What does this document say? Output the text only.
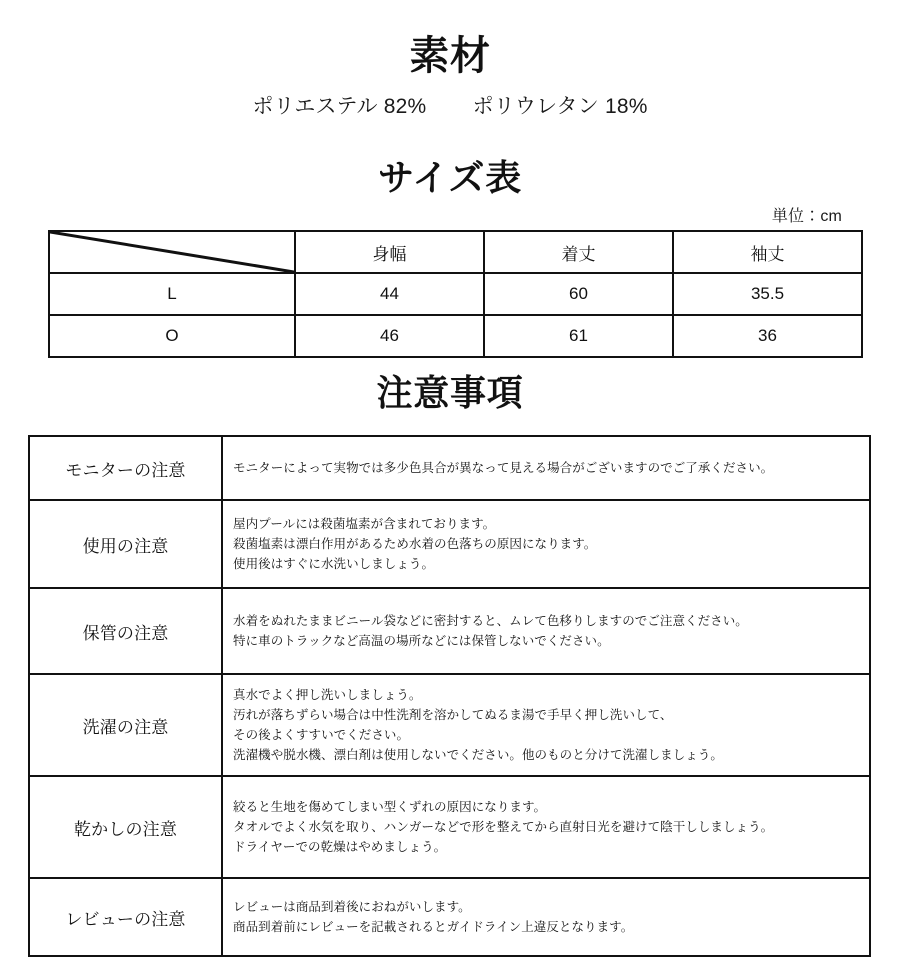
素材
ポリエステル 82% ポリウレタン 18%
サイズ表
単位：cm
	身幅	着丈	袖丈
L	44	60	35.5
O	46	61	36
注意事項
モニターの注意	モニターによって実物では多少色具合が異なって見える場合がございますのでご了承ください。

使用の注意	屋内プールには殺菌塩素が含まれております。
殺菌塩素は漂白作用があるため水着の色落ちの原因になります。
使用後はすぐに水洗いしましょう。

保管の注意	水着をぬれたままビニール袋などに密封すると、ムレて色移りしますのでご注意ください。
特に車のトラックなど高温の場所などには保管しないでください。

洗濯の注意	真水でよく押し洗いしましょう。
汚れが落ちずらい場合は中性洗剤を溶かしてぬるま湯で手早く押し洗いして、
その後よくすすいでください。
洗濯機や脱水機、漂白剤は使用しないでください。他のものと分けて洗濯しましょう。

乾かしの注意	絞ると生地を傷めてしまい型くずれの原因になります。
タオルでよく水気を取り、ハンガーなどで形を整えてから直射日光を避けて陰干ししましょう。
ドライヤーでの乾燥はやめましょう。

レビューの注意	レビューは商品到着後におねがいします。
商品到着前にレビューを記載されるとガイドライン上違反となります。
